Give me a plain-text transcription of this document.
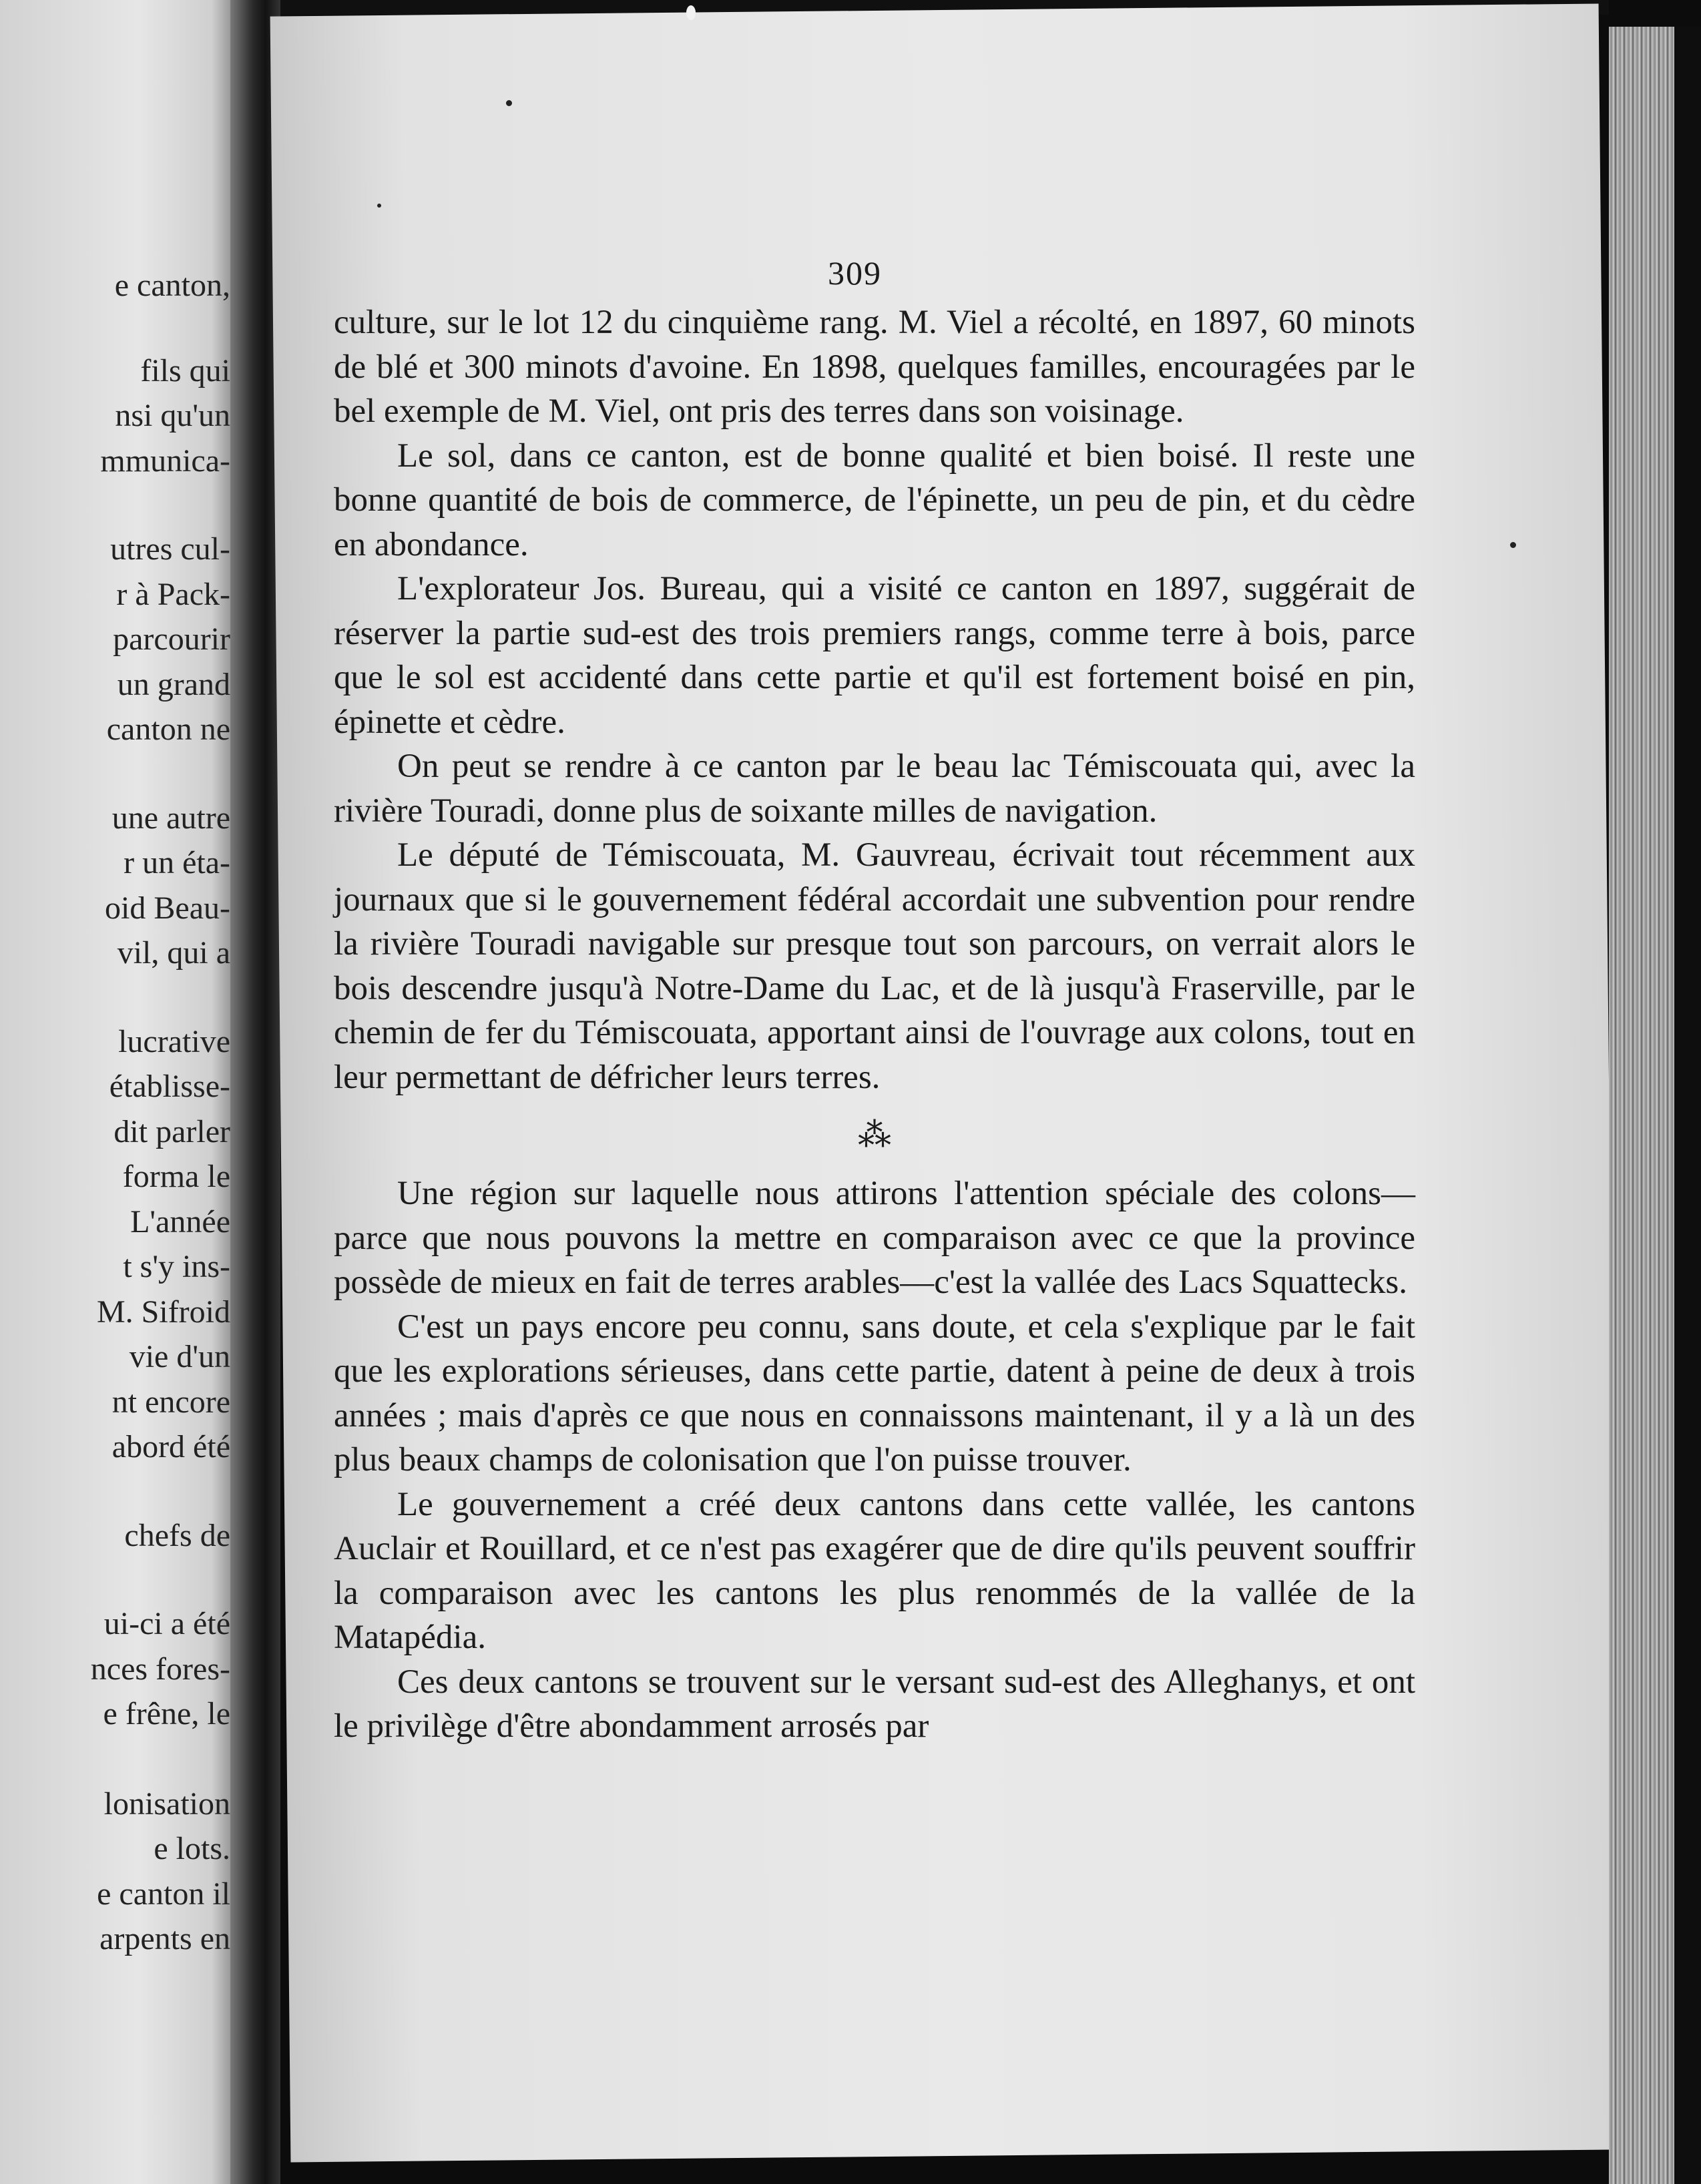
e canton,
fils qui
nsi qu'un
mmunica-
utres cul-
r à Pack-
parcourir
un grand
canton ne
une autre
r un éta-
oid Beau-
vil, qui a
lucrative
établisse-
dit parler
forma le
L'année
t s'y ins-
M. Sifroid
vie d'un
nt encore
abord été
chefs de
ui-ci a été
nces fores-
e frêne, le
lonisation
e lots.
e canton il
arpents en
309

culture, sur le lot 12 du cinquième rang. M. Viel a récolté, en 1897, 60 minots de blé et 300 minots d'avoine. En 1898, quelques familles, encouragées par le bel exemple de M. Viel, ont pris des terres dans son voisinage.

Le sol, dans ce canton, est de bonne qualité et bien boisé. Il reste une bonne quantité de bois de commerce, de l'épinette, un peu de pin, et du cèdre en abondance.

L'explorateur Jos. Bureau, qui a visité ce canton en 1897, suggérait de réserver la partie sud-est des trois premiers rangs, comme terre à bois, parce que le sol est accidenté dans cette partie et qu'il est fortement boisé en pin, épinette et cèdre.

On peut se rendre à ce canton par le beau lac Témiscouata qui, avec la rivière Touradi, donne plus de soixante milles de navigation.

Le député de Témiscouata, M. Gauvreau, écrivait tout récemment aux journaux que si le gouvernement fédéral accordait une subvention pour rendre la rivière Touradi navigable sur presque tout son parcours, on verrait alors le bois descendre jusqu'à Notre-Dame du Lac, et de là jusqu'à Fraserville, par le chemin de fer du Témiscouata, apportant ainsi de l'ouvrage aux colons, tout en leur permettant de défricher leurs terres.

⁂

Une région sur laquelle nous attirons l'attention spéciale des colons—parce que nous pouvons la mettre en comparaison avec ce que la province possède de mieux en fait de terres arables—c'est la vallée des Lacs Squattecks.

C'est un pays encore peu connu, sans doute, et cela s'explique par le fait que les explorations sérieuses, dans cette partie, datent à peine de deux à trois années ; mais d'après ce que nous en connaissons maintenant, il y a là un des plus beaux champs de colonisation que l'on puisse trouver.

Le gouvernement a créé deux cantons dans cette vallée, les cantons Auclair et Rouillard, et ce n'est pas exagérer que de dire qu'ils peuvent souffrir la comparaison avec les cantons les plus renommés de la vallée de la Matapédia.

Ces deux cantons se trouvent sur le versant sud-est des Alleghanys, et ont le privilège d'être abondamment arrosés par
